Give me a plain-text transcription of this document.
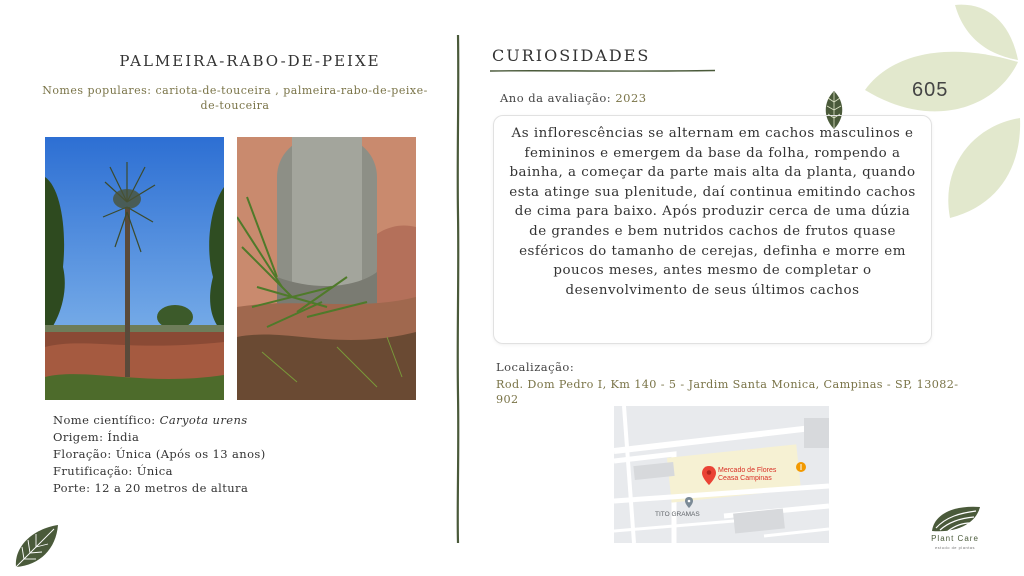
PALMEIRA-RABO-DE-PEIXE
Nomes populares: cariota-de-touceira , palmeira-rabo-de-peixe-de-touceira
Nome científico: Caryota urens
Origem: Índia
Floração: Única (Após os 13 anos)
Frutificação: Única
Porte: 12 a 20 metros de altura
CURIOSIDADES
Ano da avaliação: 2023
As inflorescências se alternam em cachos masculinos e femininos e emergem da base da folha, rompendo a bainha, a começar da parte mais alta da planta, quando esta atinge sua plenitude, daí continua emitindo cachos de cima para baixo. Após produzir cerca de uma dúzia de grandes e bem nutridos cachos de frutos quase esféricos do tamanho de cerejas, definha e morre em poucos meses, antes mesmo de completar o desenvolvimento de seus últimos cachos
Localização:
Rod. Dom Pedro I, Km 140 - 5 - Jardim Santa Monica, Campinas - SP, 13082-902
Mercado de Flores
Ceasa Campinas
TITO GRAMAS
605
Plant Care
estudo de plantas
